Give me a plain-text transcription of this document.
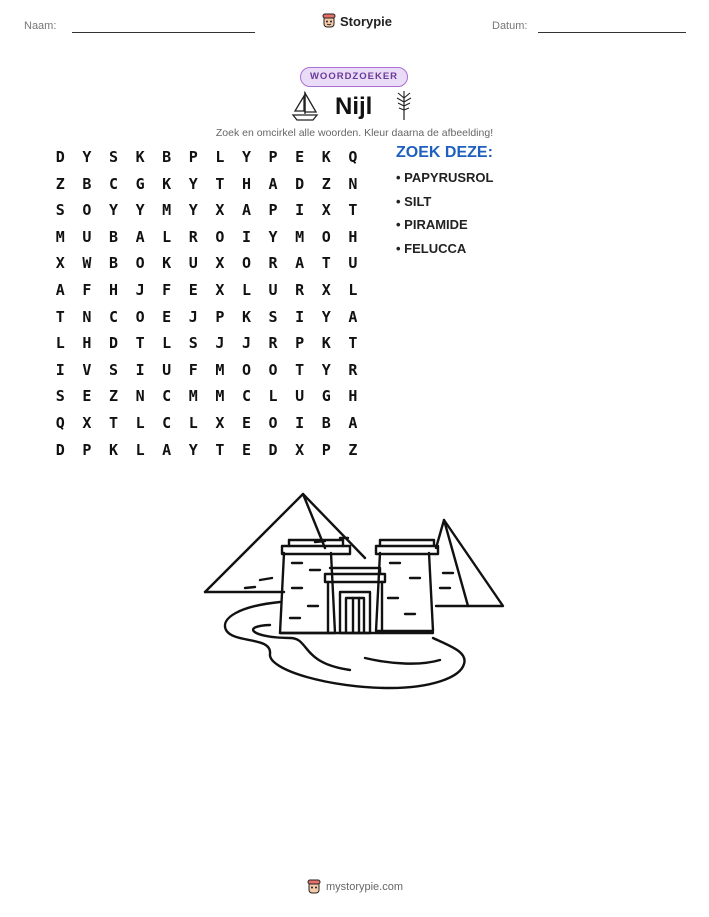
Naam:	Storypie	Datum:
WOORDZOEKER
Nijl
Zoek en omcirkel alle woorden. Kleur daarna de afbeelding!
D	Y	S	K	B	P	L	Y	P	E	K	Q
Z	B	C	G	K	Y	T	H	A	D	Z	N
S	O	Y	Y	M	Y	X	A	P	I	X	T
M	U	B	A	L	R	O	I	Y	M	O	H
X	W	B	O	K	U	X	O	R	A	T	U
A	F	H	J	F	E	X	L	U	R	X	L
T	N	C	O	E	J	P	K	S	I	Y	A
L	H	D	T	L	S	J	J	R	P	K	T
I	V	S	I	U	F	M	O	O	T	Y	R
S	E	Z	N	C	M	M	C	L	U	G	H
Q	X	T	L	C	L	X	E	O	I	B	A
D	P	K	L	A	Y	T	E	D	X	P	Z
ZOEK DEZE:
• PAPYRUSROL
• SILT
• PIRAMIDE
• FELUCCA
mystorypie.com
